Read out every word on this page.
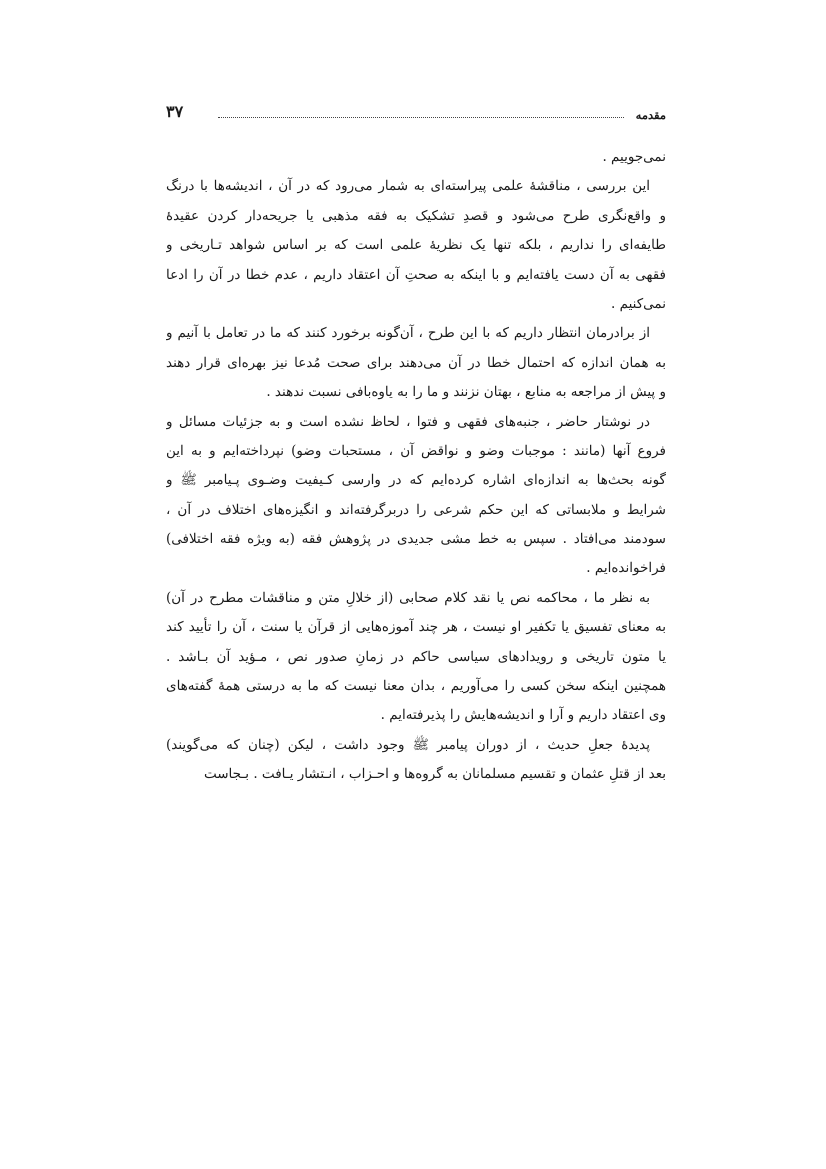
مقدمه
۳۷
نمی‌جوییم .
این بررسی ، مناقشهٔ علمی پیراسته‌ای به شمار می‌رود که در آن ، اندیشه‌ها با درنگ
و واقع‌نگری طرح می‌شود و قصدِ تشکیک به فقه مذهبی یا جریحه‌دار کردن عقیدهٔ
طایفه‌ای را نداریم ، بلکه تنها یک نظریهٔ علمی است که بر اساس شواهد تـاریخی و
فقهی به آن دست یافته‌ایم و با اینکه به صحتِ آن اعتقاد داریم ، عدم خطا در آن را ادعا
نمی‌کنیم .
از برادرمان انتظار داریم که با این طرح ، آن‌گونه برخورد کنند که ما در تعامل با آنیم و
به همان اندازه که احتمال خطا در آن می‌دهند برای صحت مُدعا نیز بهره‌ای قرار دهند
و پیش از مراجعه به منابع ، بهتان نزنند و ما را به یاوه‌بافی نسبت ندهند .
در نوشتار حاضر ، جنبه‌های فقهی و فتوا ، لحاظ نشده است و به جزئیات مسائل و
فروع آنها (مانند : موجبات وضو و نواقض آن ، مستحبات وضو) نپرداخته‌ایم و به این
گونه بحث‌ها به اندازه‌ای اشاره کرده‌ایم که در وارسی کـیفیت وضـوی پـیامبر ﷺ و
شرایط و ملابساتی که این حکم شرعی را دربرگرفته‌اند و انگیزه‌های اختلاف در آن ،
سودمند می‌افتاد . سپس به خط مشی جدیدی در پژوهش فقه (به ویژه فقه اختلافی)
فراخوانده‌ایم .
به نظر ما ، محاکمه نص یا نقد کلام صحابی (از خلالِ متن و مناقشات مطرح در آن)
به معنای تفسیق یا تکفیر او نیست ، هر چند آموزه‌هایی از قرآن یا سنت ، آن را تأیید کند
یا متون تاریخی و رویدادهای سیاسی حاکم در زمانِ صدور نص ، مـؤید آن بـاشد .
همچنین اینکه سخن کسی را می‌آوریم ، بدان معنا نیست که ما به درستی همهٔ گفته‌های
وی اعتقاد داریم و آرا و اندیشه‌هایش را پذیرفته‌ایم .
پدیدهٔ جعلِ حدیث ، از دوران پیامبر ﷺ وجود داشت ، لیکن (چنان که می‌گویند)
بعد از قتلِ عثمان و تقسیم مسلمانان به گروه‌ها و احـزاب ، انـتشار یـافت . بـجاست
